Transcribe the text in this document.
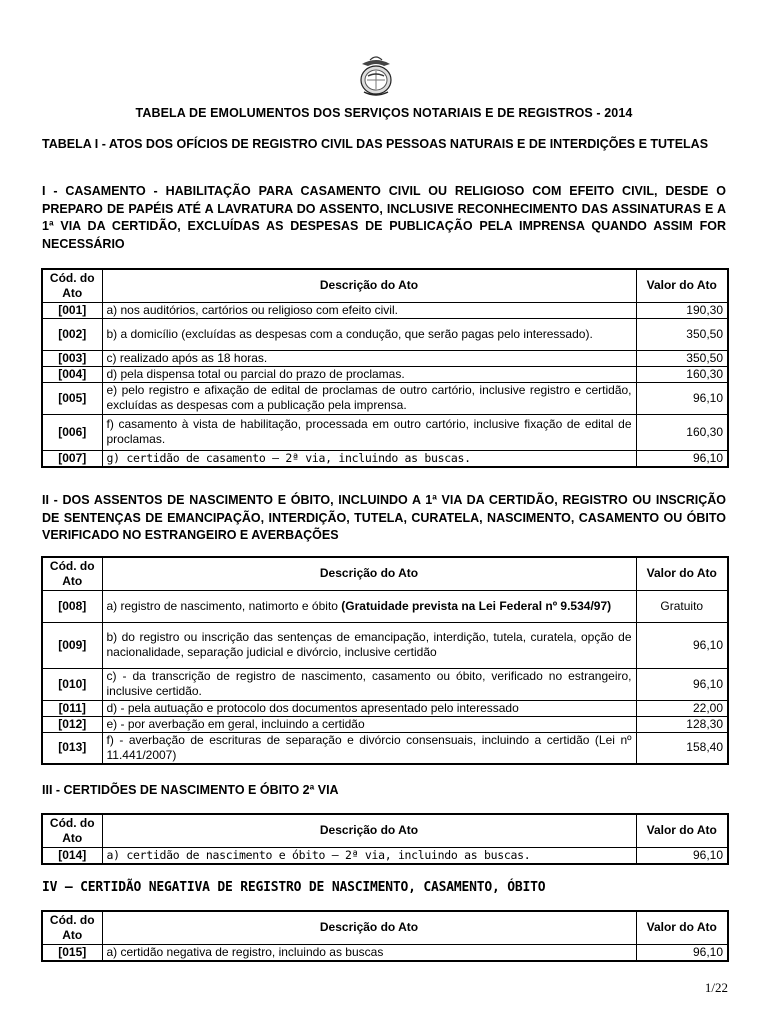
TABELA DE EMOLUMENTOS DOS SERVIÇOS NOTARIAIS E DE REGISTROS - 2014
TABELA I - ATOS DOS OFÍCIOS DE REGISTRO CIVIL DAS PESSOAS NATURAIS E DE INTERDIÇÕES E TUTELAS
I - CASAMENTO - HABILITAÇÃO PARA CASAMENTO CIVIL OU RELIGIOSO COM EFEITO CIVIL, DESDE O PREPARO DE PAPÉIS ATÉ A LAVRATURA DO ASSENTO, INCLUSIVE RECONHECIMENTO DAS ASSINATURAS E A 1ª VIA DA CERTIDÃO, EXCLUÍDAS AS DESPESAS DE PUBLICAÇÃO PELA IMPRENSA QUANDO ASSIM FOR NECESSÁRIO
Cód. do Ato	Descrição do Ato	Valor do Ato
[001]	a) nos auditórios, cartórios ou religioso com efeito civil.	190,30
[002]	b) a domicílio (excluídas as despesas com a condução, que serão pagas pelo interessado).	350,50
[003]	c) realizado após as 18 horas.	350,50
[004]	d) pela dispensa total ou parcial do prazo de proclamas.	160,30
[005]	e) pelo registro e afixação de edital de proclamas de outro cartório, inclusive registro e certidão, excluídas as despesas com a publicação pela imprensa.	96,10
[006]	f) casamento à vista de habilitação, processada em outro cartório, inclusive fixação de edital de proclamas.	160,30
[007]	g) certidão de casamento – 2ª via, incluindo as buscas.	96,10
II - DOS ASSENTOS DE NASCIMENTO E ÓBITO, INCLUINDO A 1ª VIA DA CERTIDÃO, REGISTRO OU INSCRIÇÃO DE SENTENÇAS DE EMANCIPAÇÃO, INTERDIÇÃO, TUTELA, CURATELA, NASCIMENTO, CASAMENTO OU ÓBITO VERIFICADO NO ESTRANGEIRO E AVERBAÇÕES
Cód. do Ato	Descrição do Ato	Valor do Ato
[008]	a) registro de nascimento, natimorto e óbito (Gratuidade prevista na Lei Federal nº 9.534/97)	Gratuito
[009]	b) do registro ou inscrição das sentenças de emancipação, interdição, tutela, curatela, opção de nacionalidade, separação judicial e divórcio, inclusive certidão	96,10
[010]	c) - da transcrição de registro de nascimento, casamento ou óbito, verificado no estrangeiro, inclusive certidão.	96,10
[011]	d) - pela autuação e protocolo dos documentos apresentado pelo interessado	22,00
[012]	e) - por averbação em geral, incluindo a certidão	128,30
[013]	f) - averbação de escrituras de separação e divórcio consensuais, incluindo a certidão (Lei nº 11.441/2007)	158,40
III - CERTIDÕES DE NASCIMENTO E ÓBITO 2ª VIA
Cód. do Ato	Descrição do Ato	Valor do Ato
[014]	a) certidão de nascimento e óbito – 2ª via, incluindo as buscas.	96,10
IV – CERTIDÃO NEGATIVA DE REGISTRO DE NASCIMENTO, CASAMENTO, ÓBITO
Cód. do Ato	Descrição do Ato	Valor do Ato
[015]	a) certidão negativa de registro, incluindo as buscas	96,10
1/22
